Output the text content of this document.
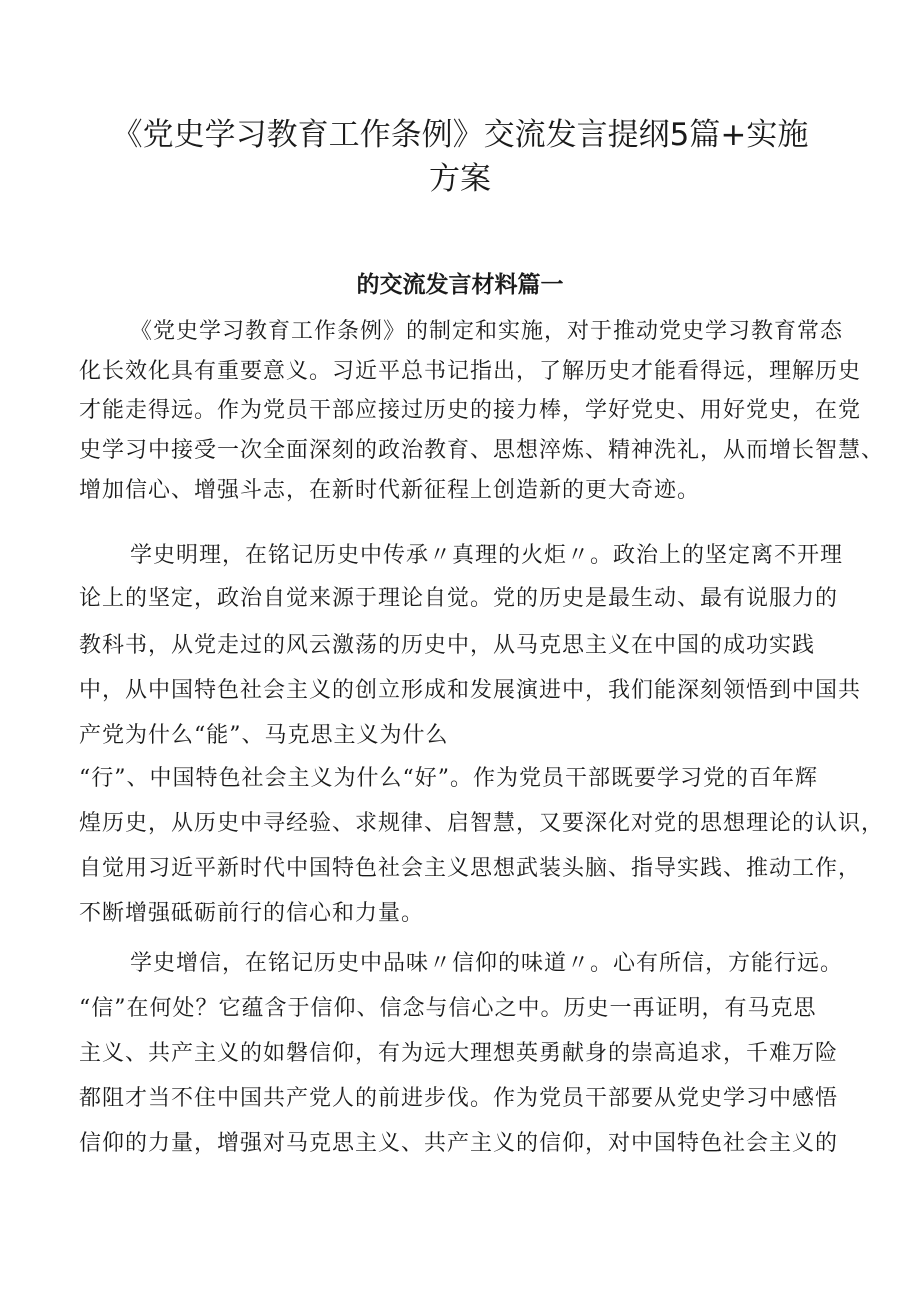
《党史学习教育工作条例》交流发言提纲5篇+实施
方案
的交流发言材料篇一

《党史学习教育工作条例》的制定和实施，对于推动党史学习教育常态

化长效化具有重要意义。习近平总书记指出，了解历史才能看得远，理解历史

才能走得远。作为党员干部应接过历史的接力棒，学好党史、用好党史，在党

史学习中接受一次全面深刻的政治教育、思想淬炼、精神洗礼，从而增长智慧、

增加信心、增强斗志，在新时代新征程上创造新的更大奇迹。

学史明理，在铭记历史中传承〃真理的火炬〃。政治上的坚定离不开理

论上的坚定，政治自觉来源于理论自觉。党的历史是最生动、最有说服力的

教科书，从党走过的风云激荡的历史中，从马克思主义在中国的成功实践

中，从中国特色社会主义的创立形成和发展演进中，我们能深刻领悟到中国共

产党为什么“能”、马克思主义为什么

“行”、中国特色社会主义为什么“好”。作为党员干部既要学习党的百年辉

煌历史，从历史中寻经验、求规律、启智慧，又要深化对党的思想理论的认识，

自觉用习近平新时代中国特色社会主义思想武装头脑、指导实践、推动工作，

不断增强砥砺前行的信心和力量。

学史增信，在铭记历史中品味〃信仰的味道〃。心有所信，方能行远。

“信”在何处？它蕴含于信仰、信念与信心之中。历史一再证明，有马克思

主义、共产主义的如磐信仰，有为远大理想英勇献身的崇高追求，千难万险

都阻才当不住中国共产党人的前进步伐。作为党员干部要从党史学习中感悟

信仰的力量，增强对马克思主义、共产主义的信仰，对中国特色社会主义的
